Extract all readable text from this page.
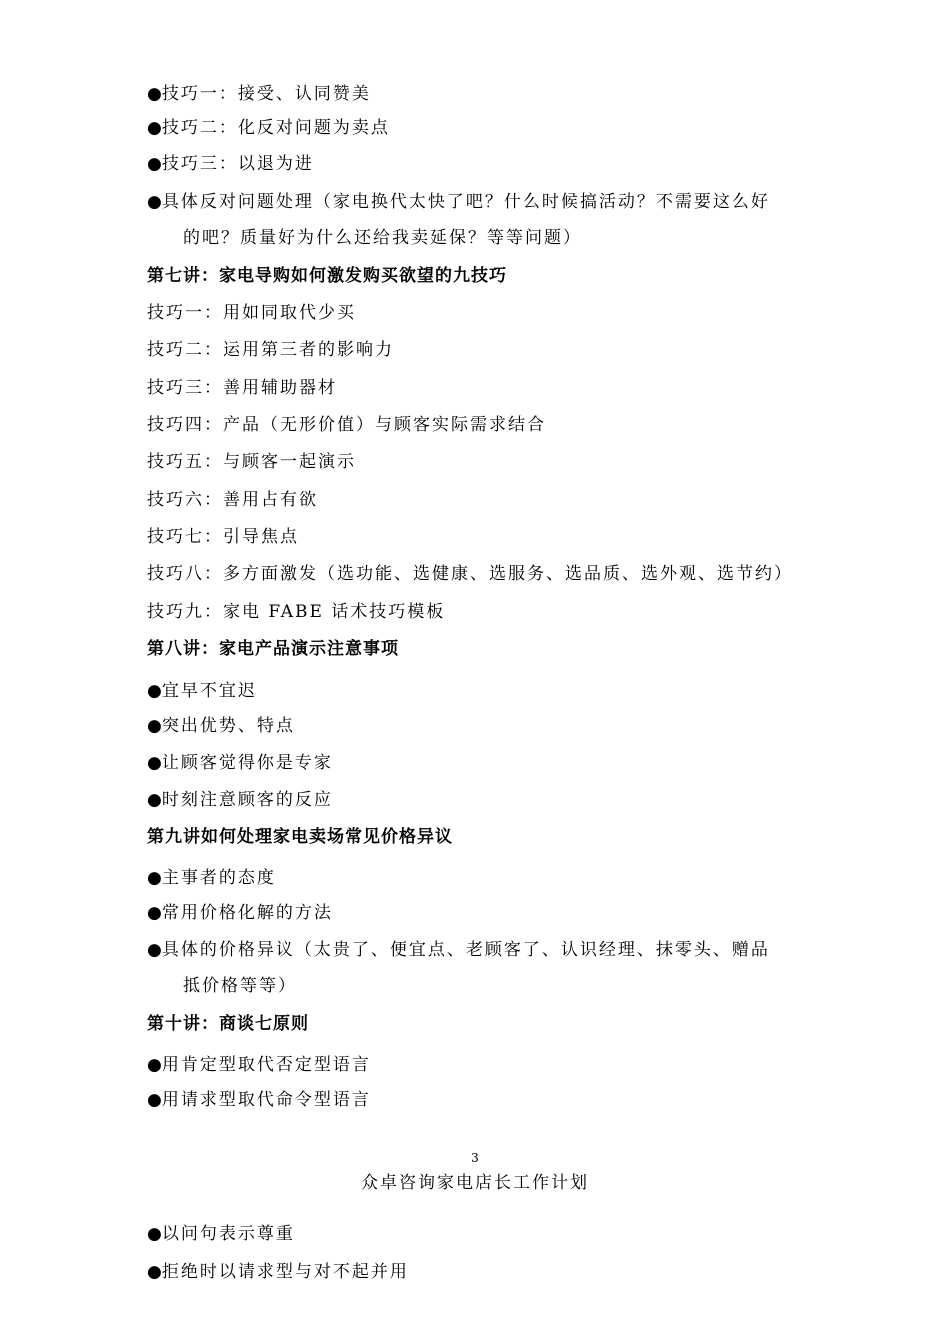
●技巧一：接受、认同赞美
●技巧二：化反对问题为卖点
●技巧三：以退为进
●具体反对问题处理（家电换代太快了吧？什么时候搞活动？不需要这么好
的吧？质量好为什么还给我卖延保？等等问题）
第七讲：家电导购如何激发购买欲望的九技巧
技巧一：用如同取代少买
技巧二：运用第三者的影响力
技巧三：善用辅助器材
技巧四：产品（无形价值）与顾客实际需求结合
技巧五：与顾客一起演示
技巧六：善用占有欲
技巧七：引导焦点
技巧八：多方面激发（选功能、选健康、选服务、选品质、选外观、选节约）
技巧九：家电 FABE 话术技巧模板
第八讲：家电产品演示注意事项
●宜早不宜迟
●突出优势、特点
●让顾客觉得你是专家
●时刻注意顾客的反应
第九讲如何处理家电卖场常见价格异议
●主事者的态度
●常用价格化解的方法
●具体的价格异议（太贵了、便宜点、老顾客了、认识经理、抹零头、赠品
抵价格等等）
第十讲：商谈七原则
●用肯定型取代否定型语言
●用请求型取代命令型语言
3
众卓咨询家电店长工作计划
●以问句表示尊重
●拒绝时以请求型与对不起并用
